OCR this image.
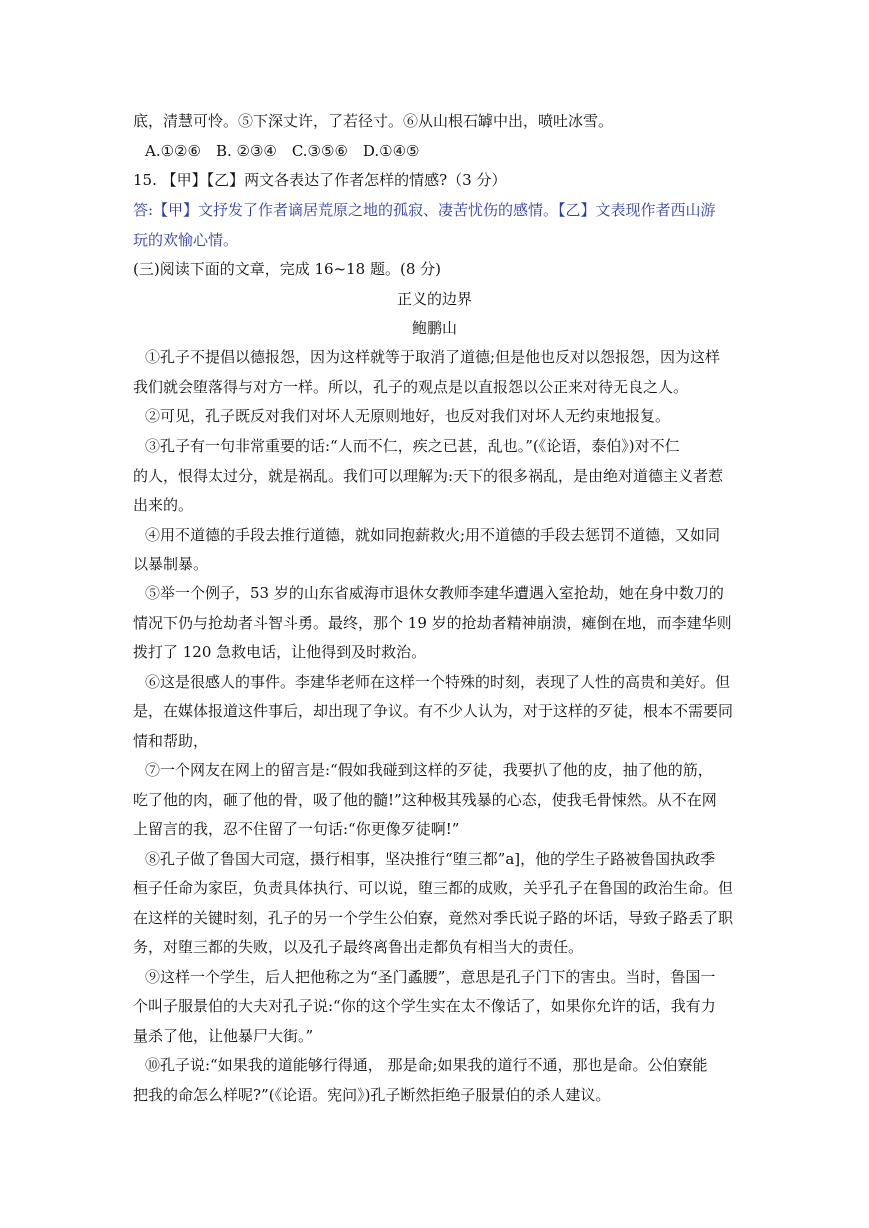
底，清慧可怜。⑤下深丈许，了若径寸。⑥从山根石罅中出，喷吐冰雪。
A.①②⑥　B. ②③④　C.③⑤⑥　D.①④⑤
15. 【甲】【乙】两文各表达了作者怎样的情感?（3 分）
答:【甲】文抒发了作者谪居荒原之地的孤寂、凄苦忧伤的感情。【乙】文表现作者西山游
玩的欢愉心情。
(三)阅读下面的文章，完成 16~18 题。(8 分)
正义的边界
鲍鹏山
①孔子不提倡以德报怨，因为这样就等于取消了道德;但是他也反对以怨报怨，因为这样
我们就会堕落得与对方一样。所以，孔子的观点是以直报怨以公正来对待无良之人。
②可见，孔子既反对我们对坏人无原则地好，也反对我们对坏人无约束地报复。
③孔子有一句非常重要的话:“人而不仁，疾之已甚，乱也。”(《论语，泰伯》)对不仁
的人，恨得太过分，就是祸乱。我们可以理解为:天下的很多祸乱，是由绝对道德主义者惹
出来的。
④用不道德的手段去推行道德，就如同抱薪救火;用不道德的手段去惩罚不道德，又如同
以暴制暴。
⑤举一个例子，53 岁的山东省威海市退休女教师李建华遭遇入室抢劫，她在身中数刀的
情况下仍与抢劫者斗智斗勇。最终，那个 19 岁的抢劫者精神崩溃，瘫倒在地，而李建华则
拨打了 120 急救电话，让他得到及时救治。
⑥这是很感人的事件。李建华老师在这样一个特殊的时刻，表现了人性的高贵和美好。但
是，在媒体报道这件事后，却出现了争议。有不少人认为，对于这样的歹徒，根本不需要同
情和帮助，
⑦一个网友在网上的留言是:“假如我碰到这样的歹徒，我要扒了他的皮，抽了他的筋，
吃了他的肉，砸了他的骨，吸了他的髓!”这种极其残暴的心态，使我毛骨悚然。从不在网
上留言的我，忍不住留了一句话:“你更像歹徒啊!”
⑧孔子做了鲁国大司寇，摄行相事，坚决推行“堕三都”a]，他的学生子路被鲁国执政季
桓子任命为家臣，负责具体执行、可以说，堕三都的成败，关乎孔子在鲁国的政治生命。但
在这样的关键时刻，孔子的另一个学生公伯寮，竟然对季氏说子路的坏话，导致子路丢了职
务，对堕三都的失败，以及孔子最终离鲁出走都负有相当大的责任。
⑨这样一个学生，后人把他称之为“圣门蟊腰”，意思是孔子门下的害虫。当时，鲁国一
个叫子服景伯的大夫对孔子说:“你的这个学生实在太不像话了，如果你允许的话，我有力
量杀了他，让他暴尸大街。”
⑩孔子说:“如果我的道能够行得通， 那是命;如果我的道行不通，那也是命。公伯寮能
把我的命怎么样呢?”(《论语。宪问》)孔子断然拒绝子服景伯的杀人建议。
